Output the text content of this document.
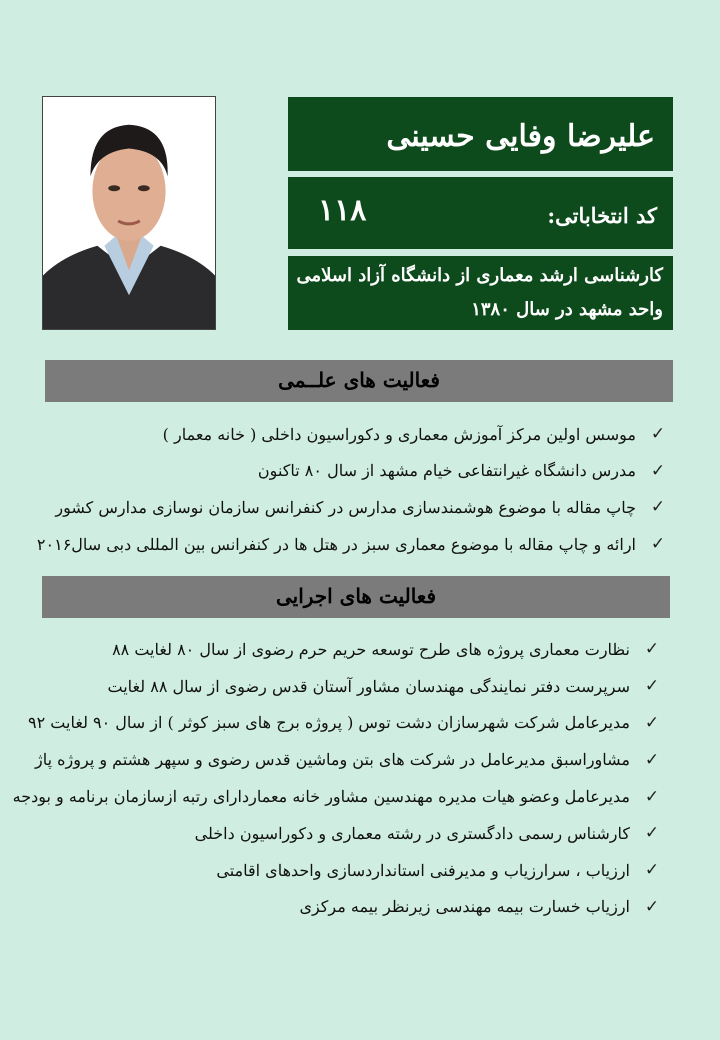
علیرضا وفایی حسینی
کد انتخاباتی:
۱۱۸
کارشناسی ارشد معماری از دانشگاه آزاد اسلامی واحد مشهد در سال ۱۳۸۰
فعالیت های علــمی
✓
موسس اولین مرکز آموزش معماری و دکوراسیون داخلی ( خانه معمار )
✓
مدرس دانشگاه غیرانتفاعی خیام مشهد از سال ۸۰ تاکنون
✓
چاپ مقاله با موضوع هوشمندسازی مدارس در کنفرانس سازمان نوسازی مدارس کشور
✓
ارائه و چاپ مقاله با موضوع معماری سبز در هتل ها در کنفرانس بین المللی دبی سال۲۰۱۶
فعالیت های اجرایی
✓
نظارت معماری پروژه های طرح توسعه حریم حرم رضوی از سال ۸۰ لغایت ۸۸
✓
سرپرست دفتر نمایندگی مهندسان مشاور آستان قدس رضوی از سال ۸۸ لغایت
✓
مدیرعامل شرکت شهرسازان دشت توس ( پروژه برج های سبز کوثر ) از سال ۹۰ لغایت ۹۲
✓
مشاوراسبق مدیرعامل در شرکت های بتن وماشین قدس رضوی و سپهر هشتم و پروژه پاژ
✓
مدیرعامل وعضو هیات مدیره مهندسین مشاور خانه معماردارای رتبه ازسازمان برنامه و بودجه
✓
کارشناس رسمی دادگستری در رشته معماری و دکوراسیون داخلی
✓
ارزیاب ، سرارزیاب و مدیرفنی استانداردسازی واحدهای اقامتی
✓
ارزیاب خسارت بیمه مهندسی زیرنظر بیمه مرکزی
